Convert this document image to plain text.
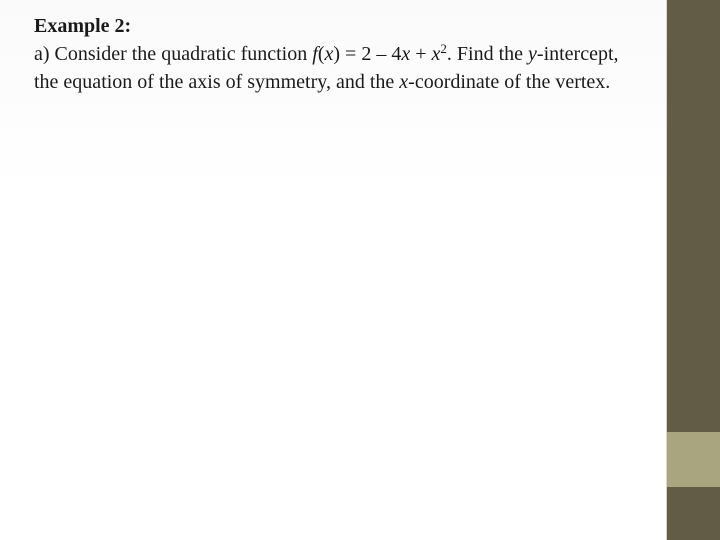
Example 2:

a) Consider the quadratic function $f(x) = 2 - 4x + x^2$. Find the y-intercept, the equation of the axis of symmetry, and the x-coordinate of the vertex.
